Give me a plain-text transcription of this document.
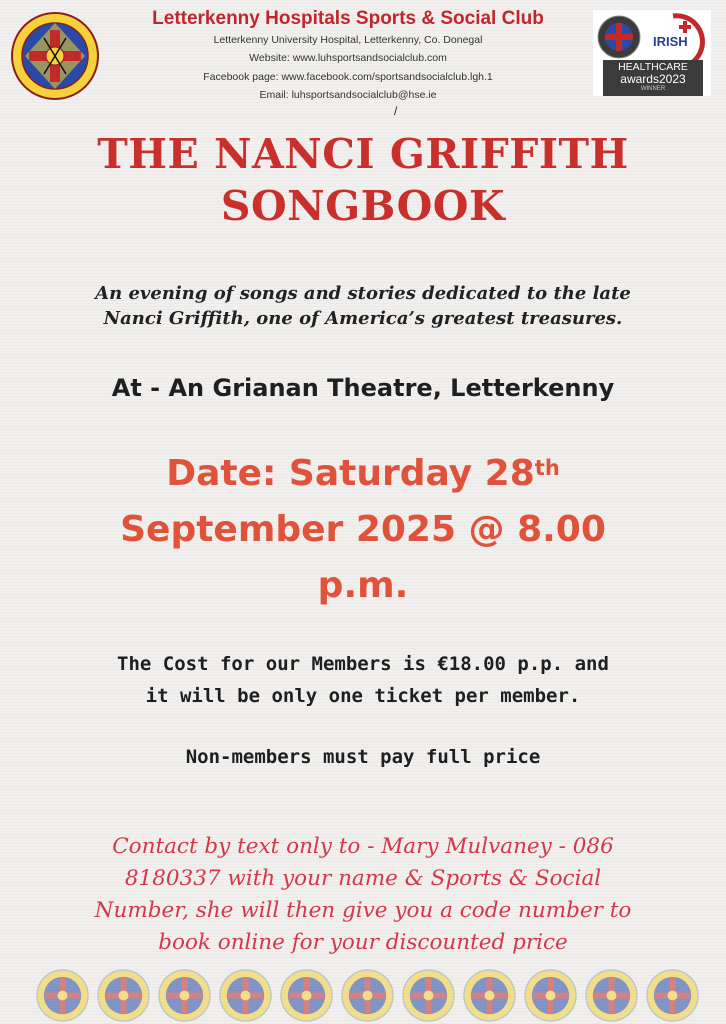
Letterkenny Hospitals Sports & Social Club
Letterkenny University Hospital, Letterkenny, Co. Donegal
Website: www.luhsportsandsocialclub.com
Facebook page: www.facebook.com/sportsandsocialclub.lgh.1
Email: luhsportsandsocialclub@hse.ie
/
IRISH
HEALTHCARE
awards2023
WINNER
THE NANCI GRIFFITH
SONGBOOK
An evening of songs and stories dedicated to the late
Nanci Griffith, one of America’s greatest treasures.
At - An Grianan Theatre, Letterkenny
Date: Saturday 28th
September 2025 @ 8.00
p.m.
The Cost for our Members is €18.00 p.p. and
it will be only one ticket per member.
Non-members must pay full price
Contact by text only to - Mary Mulvaney - 086
8180337 with your name & Sports & Social
Number, she will then give you a code number to
book online for your discounted price
